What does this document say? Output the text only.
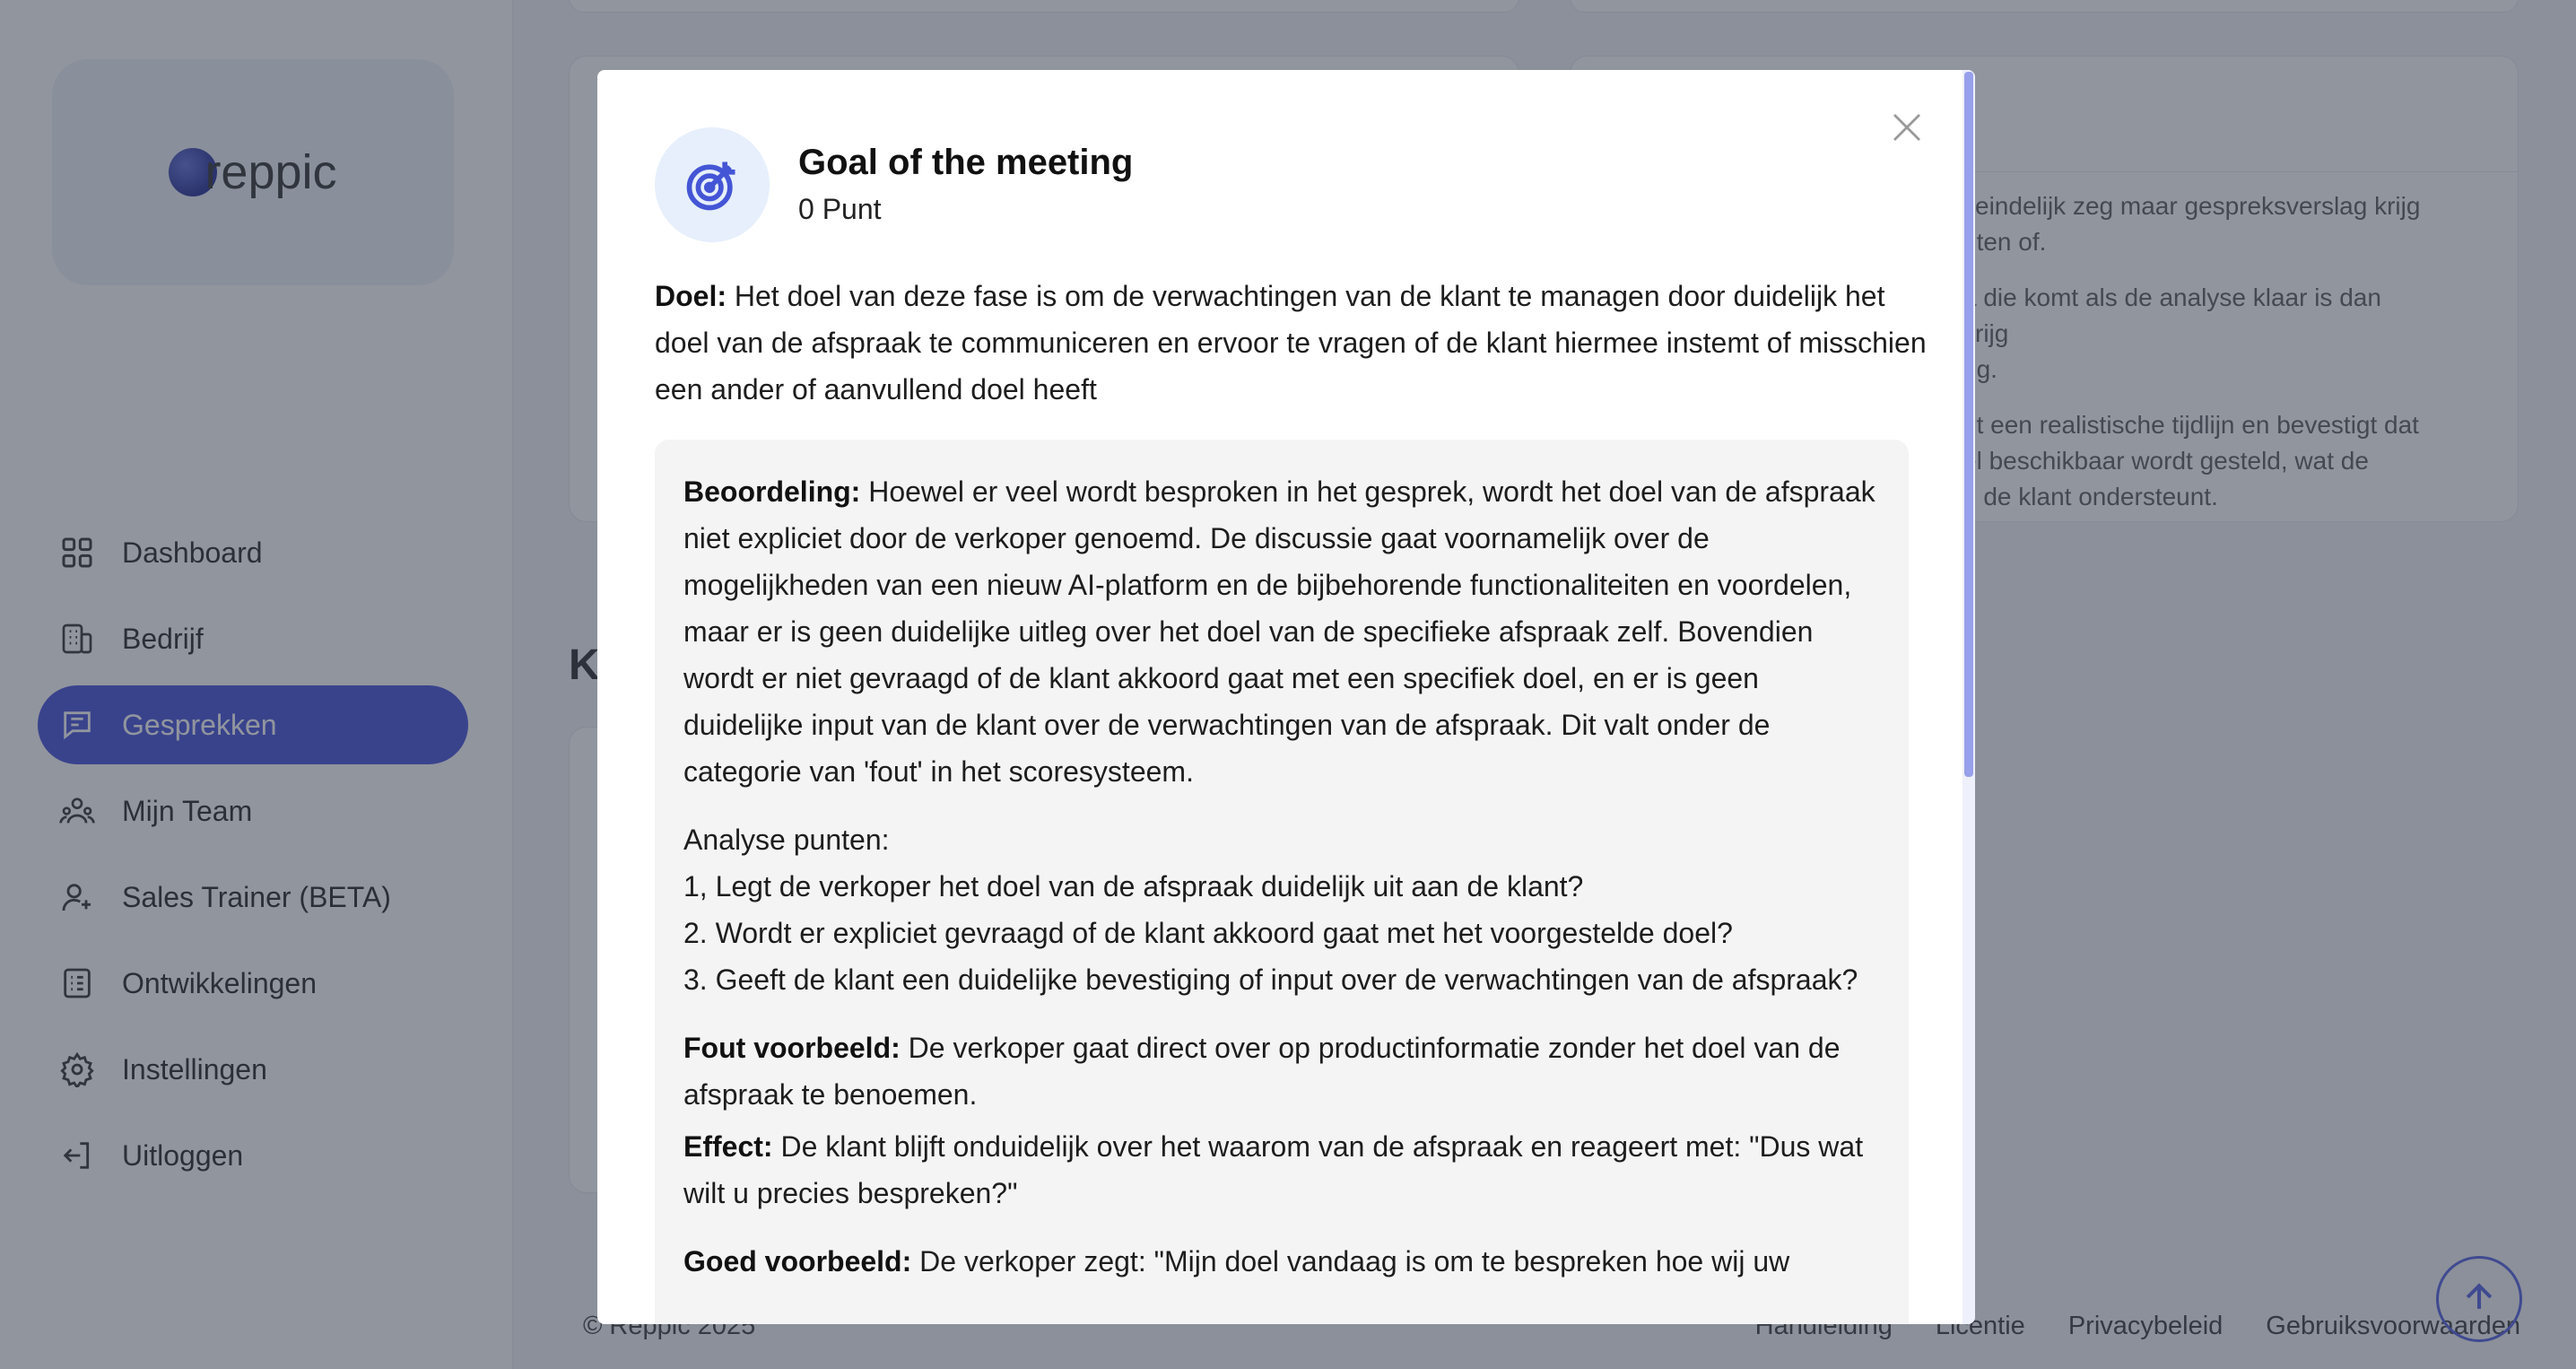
Goal of the meeting
0 Punt
Doel: Het doel van deze fase is om de verwachtingen van de klant te managen door duidelijk het doel van de afspraak te communiceren en ervoor te vragen of de klant hiermee instemt of misschien een ander of aanvullend doel heeft

Beoordeling: Hoewel er veel wordt besproken in het gesprek, wordt het doel van de afspraak niet expliciet door de verkoper genoemd. De discussie gaat voornamelijk over de mogelijkheden van een nieuw AI-platform en de bijbehorende functionaliteiten en voordelen, maar er is geen duidelijke uitleg over het doel van de specifieke afspraak zelf. Bovendien wordt er niet gevraagd of de klant akkoord gaat met een specifiek doel, en er is geen duidelijke input van de klant over de verwachtingen van de afspraak. Dit valt onder de categorie van 'fout' in het scoresysteem.

Analyse punten:
1, Legt de verkoper het doel van de afspraak duidelijk uit aan de klant?
2. Wordt er expliciet gevraagd of de klant akkoord gaat met het voorgestelde doel?
3. Geeft de klant een duidelijke bevestiging of input over de verwachtingen van de afspraak?

Fout voorbeeld: De verkoper gaat direct over op productinformatie zonder het doel van de afspraak te benoemen.

Effect: De klant blijft onduidelijk over het waarom van de afspraak en reageert met: "Dus wat wilt u precies bespreken?"

Goed voorbeeld: De verkoper zegt: "Mijn doel vandaag is om te bespreken hoe wij uw
